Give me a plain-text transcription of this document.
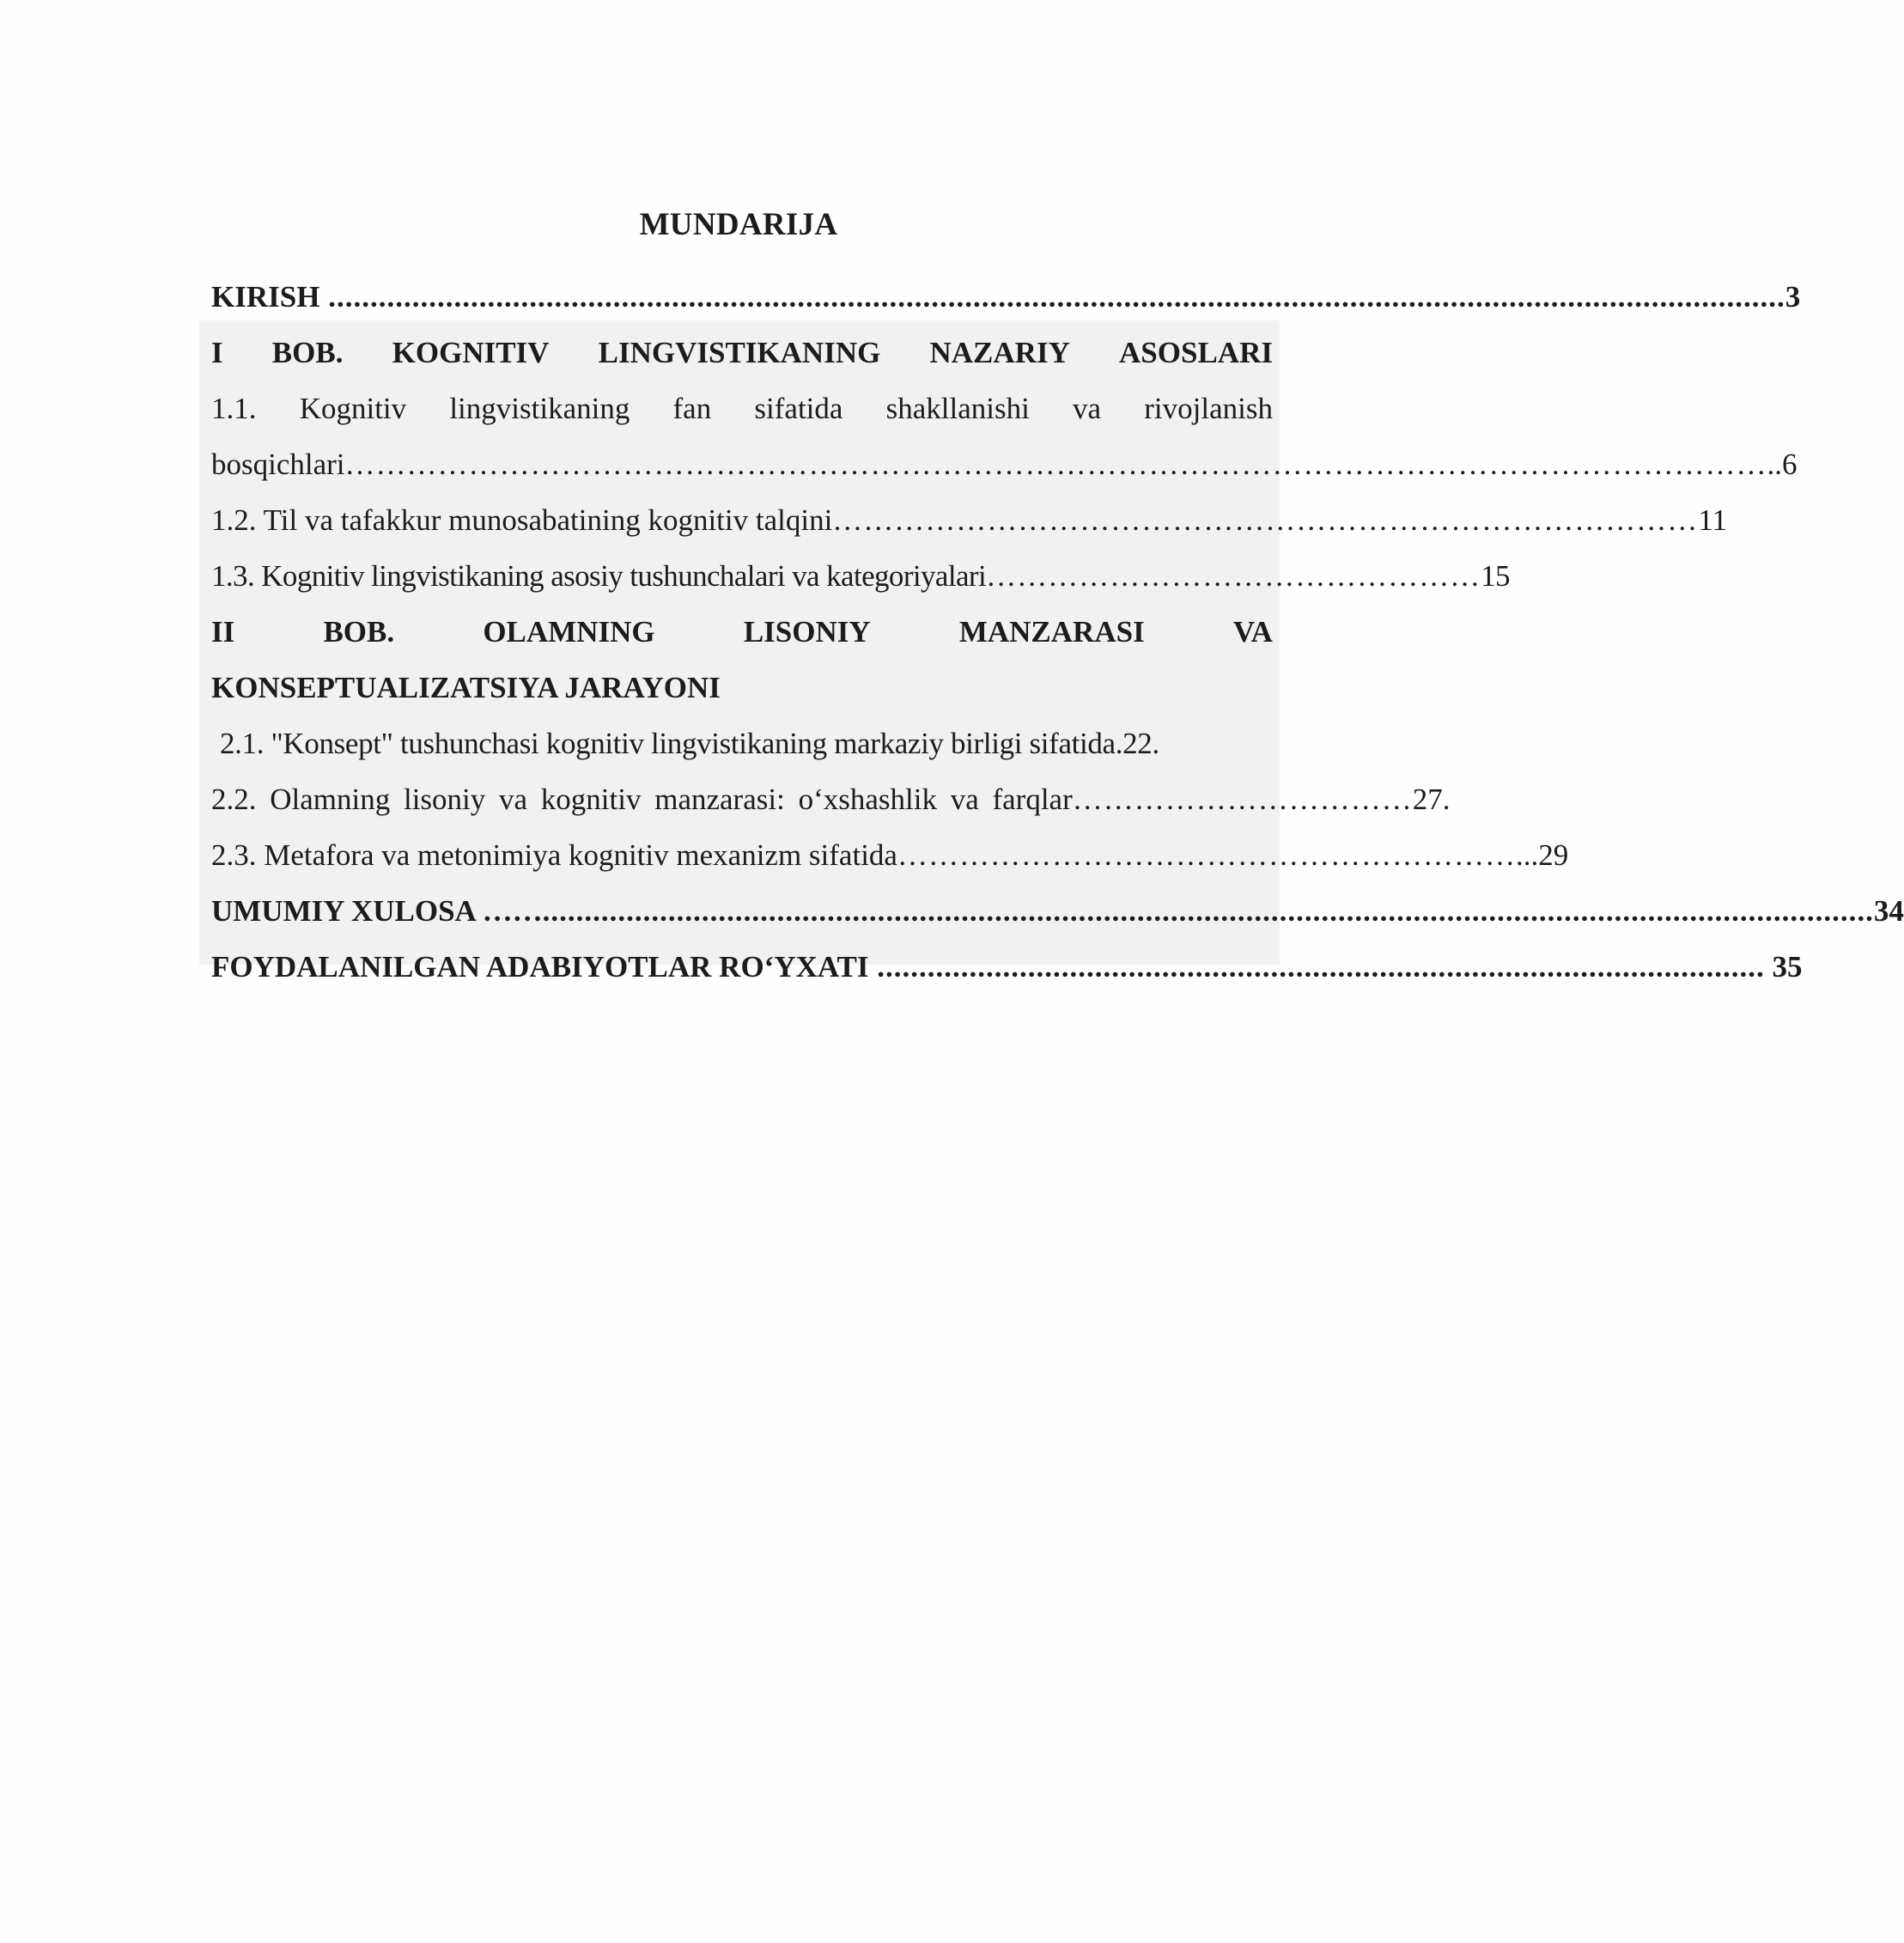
MUNDARIJA
KIRISH .............................................................................................................................................................................. 3
I BOB. KOGNITIV LINGVISTIKANING NAZARIY ASOSLARI
1.1. Kognitiv lingvistikaning fan sifatida shakllanishi va rivojlanish
bosqichlari ………………………………………………………………………………………………………………………… ..6
1.2. Til va tafakkur munosabatining kognitiv talqini ………………………………………………………………………… 11
1.3. Kognitiv lingvistikaning asosiy tushunchalari va kategoriyalari ………………………………………… 15
II	BOB.	OLAMNING	LISONIY	MANZARASI	VA
KONSEPTUALIZATSIYA JARAYONI
2.1. "Konsept" tushunchasi kognitiv lingvistikaning markaziy birligi sifatida.22.
2.2. Olamning lisoniy va kognitiv manzarasi: o‘xshashlik va farqlar …………………………… 27.
2.3. Metafora va metonimiya kognitiv mexanizm sifatida …………………………………………………… ...29
UMUMIY XULOSA …… ............................................................................................................................................................... 34
FOYDALANILGAN ADABIYOTLAR RO‘YXATI .......................................................................................................... 35
